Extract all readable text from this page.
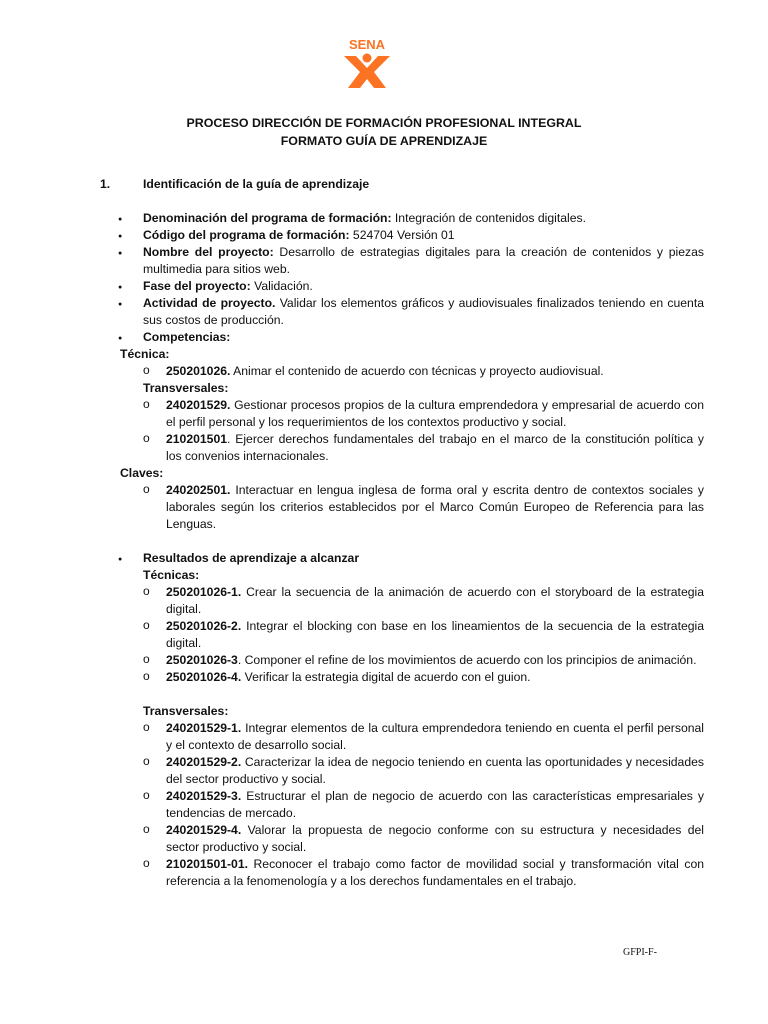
SENA
PROCESO DIRECCIÓN DE FORMACIÓN PROFESIONAL INTEGRAL
FORMATO GUÍA DE APRENDIZAJE
1.	Identificación de la guía de aprendizaje
● Denominación del programa de formación: Integración de contenidos digitales.
● Código del programa de formación: 524704 Versión 01
● Nombre del proyecto: Desarrollo de estrategias digitales para la creación de contenidos y piezas multimedia para sitios web.
● Fase del proyecto: Validación.
● Actividad de proyecto. Validar los elementos gráficos y audiovisuales finalizados teniendo en cuenta sus costos de producción.
● Competencias:
Técnica:
o 250201026. Animar el contenido de acuerdo con técnicas y proyecto audiovisual.
Transversales:
o 240201529. Gestionar procesos propios de la cultura emprendedora y empresarial de acuerdo con el perfil personal y los requerimientos de los contextos productivo y social.
o 210201501. Ejercer derechos fundamentales del trabajo en el marco de la constitución política y los convenios internacionales.
Claves:
o 240202501. Interactuar en lengua inglesa de forma oral y escrita dentro de contextos sociales y laborales según los criterios establecidos por el Marco Común Europeo de Referencia para las Lenguas.
● Resultados de aprendizaje a alcanzar
Técnicas:
o 250201026-1. Crear la secuencia de la animación de acuerdo con el storyboard de la estrategia digital.
o 250201026-2. Integrar el blocking con base en los lineamientos de la secuencia de la estrategia digital.
o 250201026-3. Componer el refine de los movimientos de acuerdo con los principios de animación.
o 250201026-4. Verificar la estrategia digital de acuerdo con el guion.
Transversales:
o 240201529-1. Integrar elementos de la cultura emprendedora teniendo en cuenta el perfil personal y el contexto de desarrollo social.
o 240201529-2. Caracterizar la idea de negocio teniendo en cuenta las oportunidades y necesidades del sector productivo y social.
o 240201529-3. Estructurar el plan de negocio de acuerdo con las características empresariales y tendencias de mercado.
o 240201529-4. Valorar la propuesta de negocio conforme con su estructura y necesidades del sector productivo y social.
o 210201501-01. Reconocer el trabajo como factor de movilidad social y transformación vital con referencia a la fenomenología y a los derechos fundamentales en el trabajo.
GFPI-F-
